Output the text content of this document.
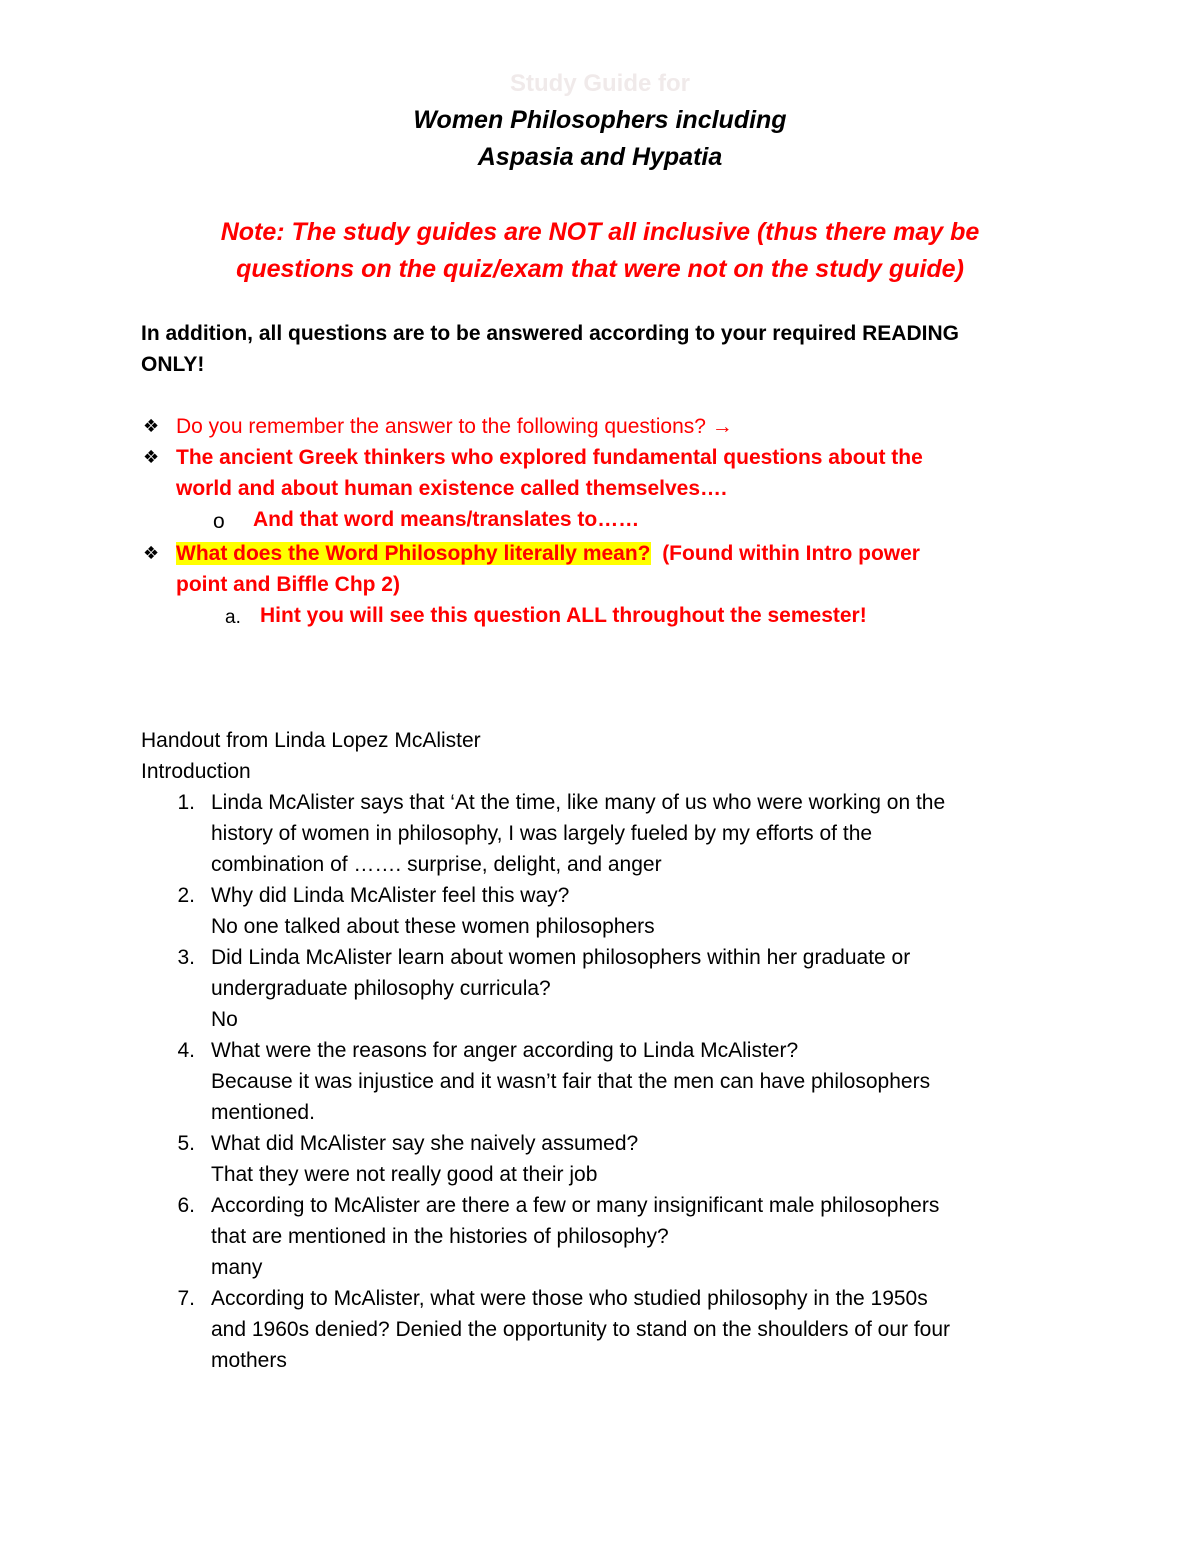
Study Guide for
Women Philosophers including
Aspasia and Hypatia
Note: The study guides are NOT all inclusive (thus there may be
questions on the quiz/exam that were not on the study guide)
In addition, all questions are to be answered according to your required READING
ONLY!
❖ Do you remember the answer to the following questions? →
❖ The ancient Greek thinkers who explored fundamental questions about the
world and about human existence called themselves….
o And that word means/translates to……
❖ What does the Word Philosophy literally mean? (Found within Intro power
point and Biffle Chp 2)
a. Hint you will see this question ALL throughout the semester!
Handout from Linda Lopez McAlister
Introduction
1. Linda McAlister says that ‘At the time, like many of us who were working on the
history of women in philosophy, I was largely fueled by my efforts of the
combination of ……. surprise, delight, and anger
2. Why did Linda McAlister feel this way?
No one talked about these women philosophers
3. Did Linda McAlister learn about women philosophers within her graduate or
undergraduate philosophy curricula?
No
4. What were the reasons for anger according to Linda McAlister?
Because it was injustice and it wasn’t fair that the men can have philosophers
mentioned.
5. What did McAlister say she naively assumed?
That they were not really good at their job
6. According to McAlister are there a few or many insignificant male philosophers
that are mentioned in the histories of philosophy?
many
7. According to McAlister, what were those who studied philosophy in the 1950s
and 1960s denied? Denied the opportunity to stand on the shoulders of our four
mothers
